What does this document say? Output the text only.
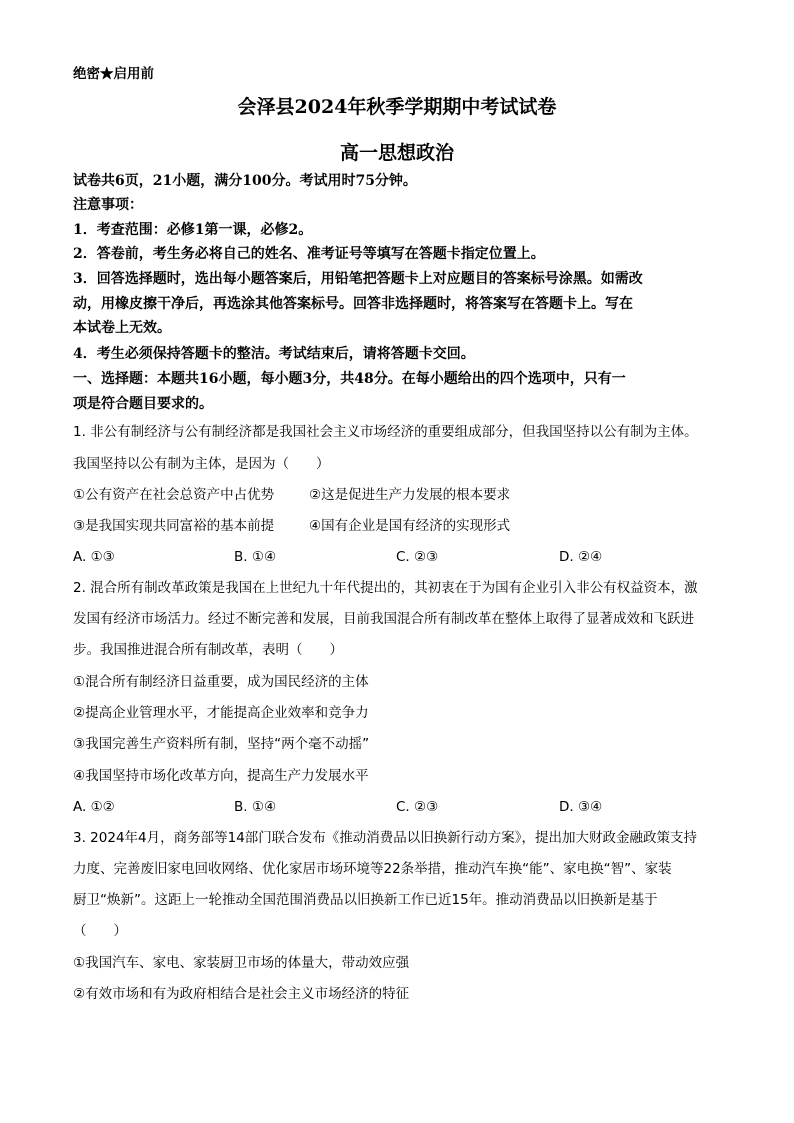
绝密★启用前
会泽县2024年秋季学期期中考试试卷
高一思想政治
试卷共6页，21小题，满分100分。考试用时75分钟。
注意事项：
1．考查范围：必修1第一课，必修2。
2．答卷前，考生务必将自己的姓名、准考证号等填写在答题卡指定位置上。
3．回答选择题时，选出每小题答案后，用铅笔把答题卡上对应题目的答案标号涂黑。如需改
动，用橡皮擦干净后，再选涂其他答案标号。回答非选择题时，将答案写在答题卡上。写在
本试卷上无效。
4．考生必须保持答题卡的整洁。考试结束后，请将答题卡交回。
一、选择题：本题共16小题，每小题3分，共48分。在每小题给出的四个选项中，只有一
项是符合题目要求的。
1. 非公有制经济与公有制经济都是我国社会主义市场经济的重要组成部分，但我国坚持以公有制为主体。
我国坚持以公有制为主体，是因为（　　）
①公有资产在社会总资产中占优势	②这是促进生产力发展的根本要求
③是我国实现共同富裕的基本前提	④国有企业是国有经济的实现形式
A. ①③	B. ①④	C. ②③	D. ②④
2. 混合所有制改革政策是我国在上世纪九十年代提出的，其初衷在于为国有企业引入非公有权益资本，激
发国有经济市场活力。经过不断完善和发展，目前我国混合所有制改革在整体上取得了显著成效和飞跃进
步。我国推进混合所有制改革，表明（　　）
①混合所有制经济日益重要，成为国民经济的主体
②提高企业管理水平，才能提高企业效率和竞争力
③我国完善生产资料所有制，坚持“两个毫不动摇”
④我国坚持市场化改革方向，提高生产力发展水平
A. ①②	B. ①④	C. ②③	D. ③④
3. 2024年4月，商务部等14部门联合发布《推动消费品以旧换新行动方案》，提出加大财政金融政策支持
力度、完善废旧家电回收网络、优化家居市场环境等22条举措，推动汽车换“能”、家电换“智”、家装
厨卫“焕新”。这距上一轮推动全国范围消费品以旧换新工作已近15年。推动消费品以旧换新是基于
（　　）
①我国汽车、家电、家装厨卫市场的体量大，带动效应强
②有效市场和有为政府相结合是社会主义市场经济的特征
